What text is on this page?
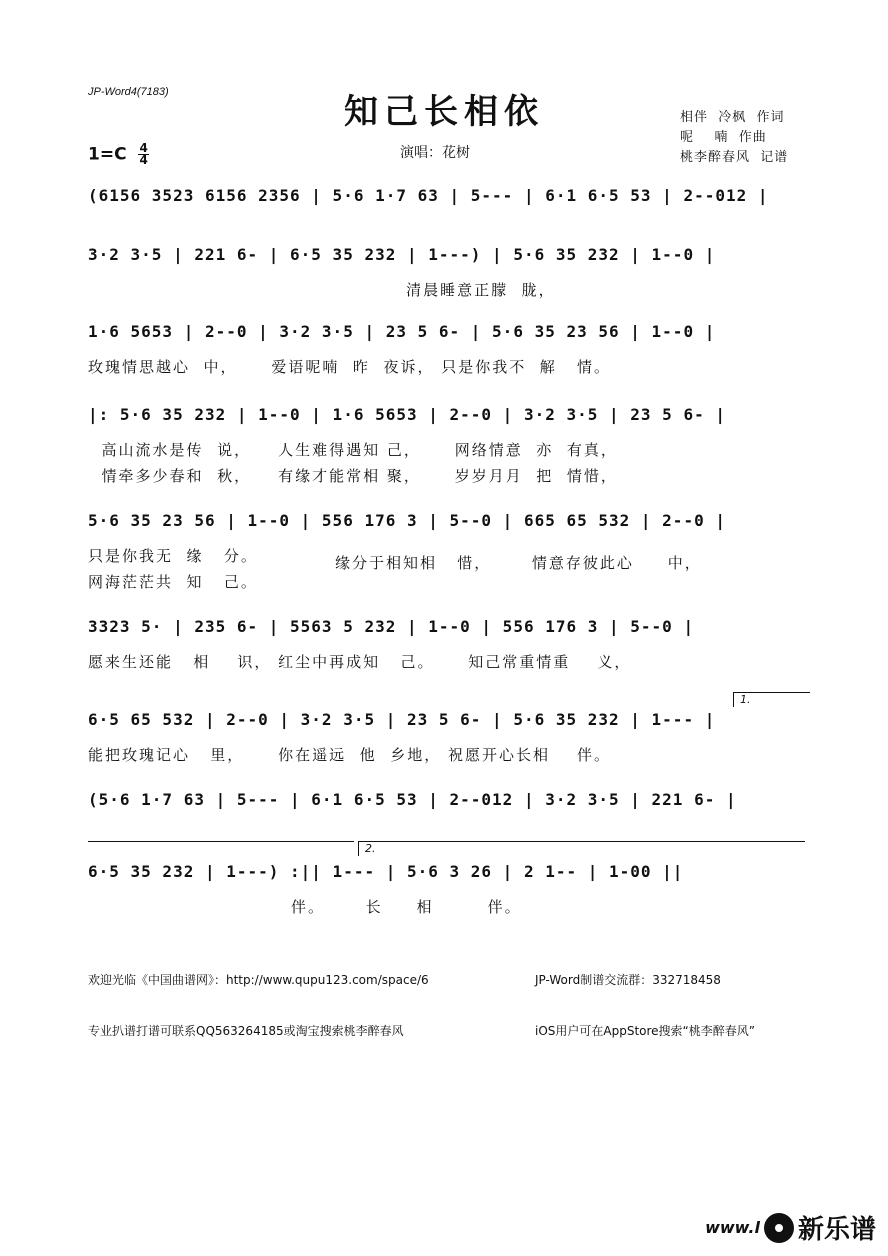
JP-Word4(7183)	知己长相依
$1=C \frac{4}{4}$	演唱：花树
相伴  冷枫  作词
呢    喃  作曲
桃李醉春风  记谱
(6156 3523 6156 2356 | 5·6 1·7 63 | 5--- | 6·1 6·5 53 | 2--012 |
3·2 3·5 | 221 6- | 6·5 35 232 | 1---) | 5·6 35 232 | 1--0 |
清晨睡意正朦  胧，
1·6 5653 | 2--0 | 3·2 3·5 | 23 5 6- | 5·6 35 23 56 | 1--0 |
玫瑰情思越心  中，     爱语呢喃  昨  夜诉， 只是你我不  解   情。
|: 5·6 35 232 | 1--0 | 1·6 5653 | 2--0 | 3·2 3·5 | 23 5 6- |
高山流水是传  说，    人生难得遇知 己，     网络情意  亦  有真，
情牵多少春和  秋，    有缘才能常相 聚，     岁岁月月  把  情惜，
5·6 35 23 56 | 1--0 | 556 176 3 | 5--0 | 665 65 532 | 2--0 |
只是你我无  缘   分。
网海茫茫共  知   己。
缘分于相知相   惜，      情意存彼此心     中，
3323 5· | 235 6- | 5563 5 232 | 1--0 | 556 176 3 | 5--0 |
愿来生还能   相    识， 红尘中再成知   己。     知己常重情重    义，
6·5 65 532 | 2--0 | 3·2 3·5 | 23 5 6- | 5·6 35 232 | 1--- |
能把玫瑰记心   里，     你在遥远  他  乡地， 祝愿开心长相    伴。
(5·6 1·7 63 | 5--- | 6·1 6·5 53 | 2--012 | 3·2 3·5 | 221 6- |
6·5 35 232 | 1---) :|| 1--- | 5·6 3 26 | 2 1-- | 1-00 ||
伴。      长     相        伴。
1.
2.

欢迎光临《中国曲谱网》：http://www.qupu123.com/space/6

专业扒谱打谱可联系QQ563264185或淘宝搜索桃李醉春风

JP-Word制谱交流群：332718458

iOS用户可在AppStore搜索“桃李醉春风”

www.l 新乐谱
